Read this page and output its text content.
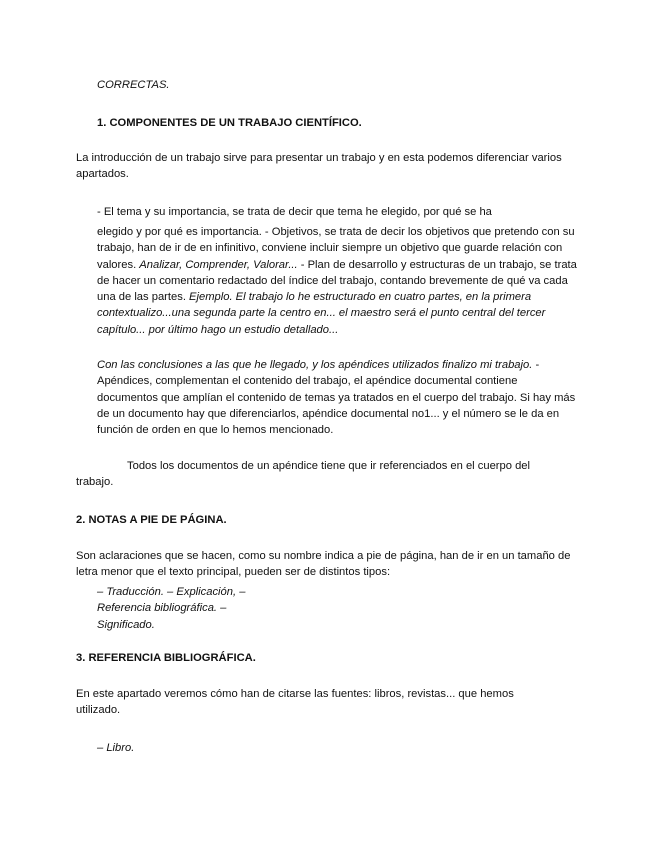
CORRECTAS.

1. COMPONENTES DE UN TRABAJO CIENTÍFICO.

La introducción de un trabajo sirve para presentar un trabajo y en esta podemos diferenciar varios apartados.

- El tema y su importancia, se trata de decir que tema he elegido, por qué se ha

elegido y por qué es importancia. - Objetivos, se trata de decir los objetivos que pretendo con su trabajo, han de ir de en infinitivo, conviene incluir siempre un objetivo que guarde relación con valores. Analizar, Comprender, Valorar... - Plan de desarrollo y estructuras de un trabajo, se trata de hacer un comentario redactado del índice del trabajo, contando brevemente de qué va cada una de las partes. Ejemplo. El trabajo lo he estructurado en cuatro partes, en la primera contextualizo...una segunda parte la centro en... el maestro será el punto central del tercer capítulo... por último hago un estudio detallado...

Con las conclusiones a las que he llegado, y los apéndices utilizados finalizo mi trabajo. - Apéndices, complementan el contenido del trabajo, el apéndice documental contiene documentos que amplían el contenido de temas ya tratados en el cuerpo del trabajo. Si hay más de un documento hay que diferenciarlos, apéndice documental no1... y el número se le da en función de orden en que lo hemos mencionado.

Todos los documentos de un apéndice tiene que ir referenciados en el cuerpo del trabajo.

2. NOTAS A PIE DE PÁGINA.

Son aclaraciones que se hacen, como su nombre indica a pie de página, han de ir en un tamaño de letra menor que el texto principal, pueden ser de distintos tipos:

– Traducción. – Explicación, –
Referencia bibliográfica. –
Significado.
3. REFERENCIA BIBLIOGRÁFICA.

En este apartado veremos cómo han de citarse las fuentes: libros, revistas... que hemos utilizado.

– Libro.
